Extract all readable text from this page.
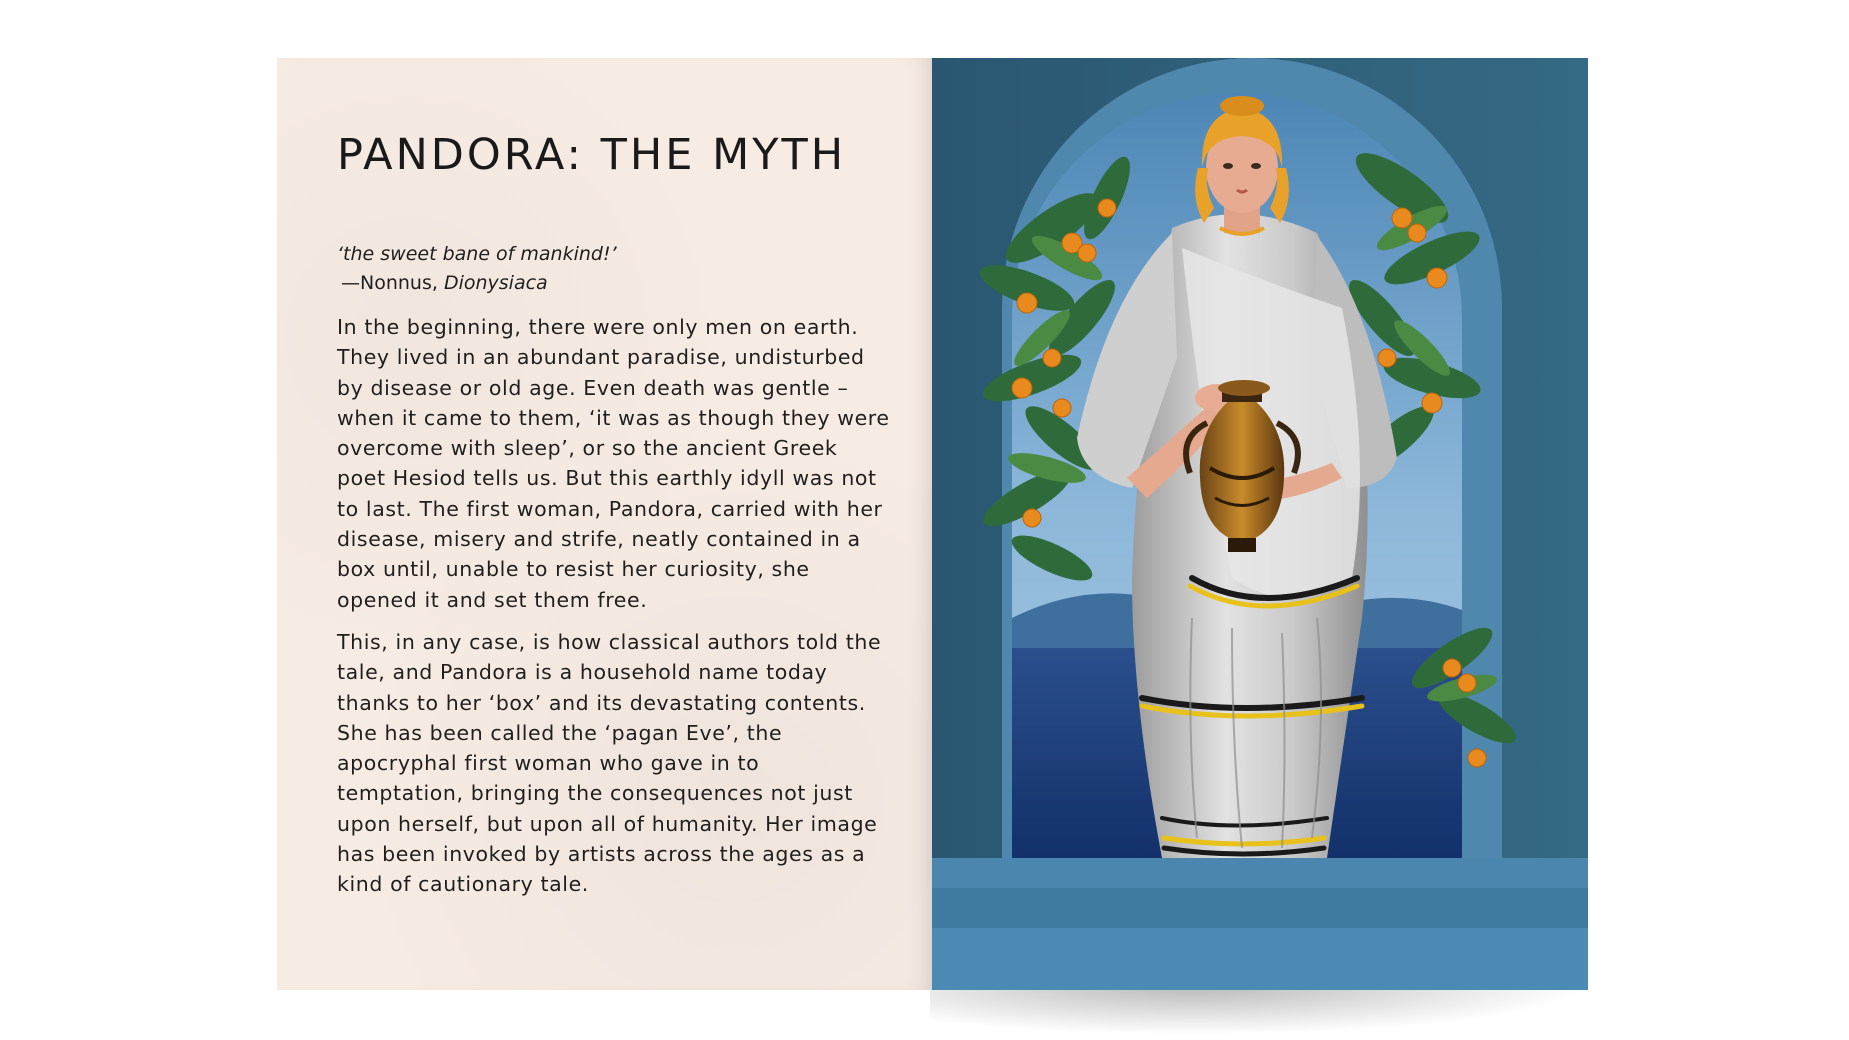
PANDORA: THE MYTH
‘the sweet bane of mankind!’
—Nonnus, Dionysiaca

In the beginning, there were only men on earth. They lived in an abundant paradise, undisturbed by disease or old age. Even death was gentle – when it came to them, ‘it was as though they were overcome with sleep’, or so the ancient Greek poet Hesiod tells us. But this earthly idyll was not to last. The first woman, Pandora, carried with her disease, misery and strife, neatly contained in a box until, unable to resist her curiosity, she opened it and set them free.

This, in any case, is how classical authors told the tale, and Pandora is a household name today thanks to her ‘box’ and its devastating contents. She has been called the ‘pagan Eve’, the apocryphal first woman who gave in to temptation, bringing the consequences not just upon herself, but upon all of humanity. Her image has been invoked by artists across the ages as a kind of cautionary tale.
